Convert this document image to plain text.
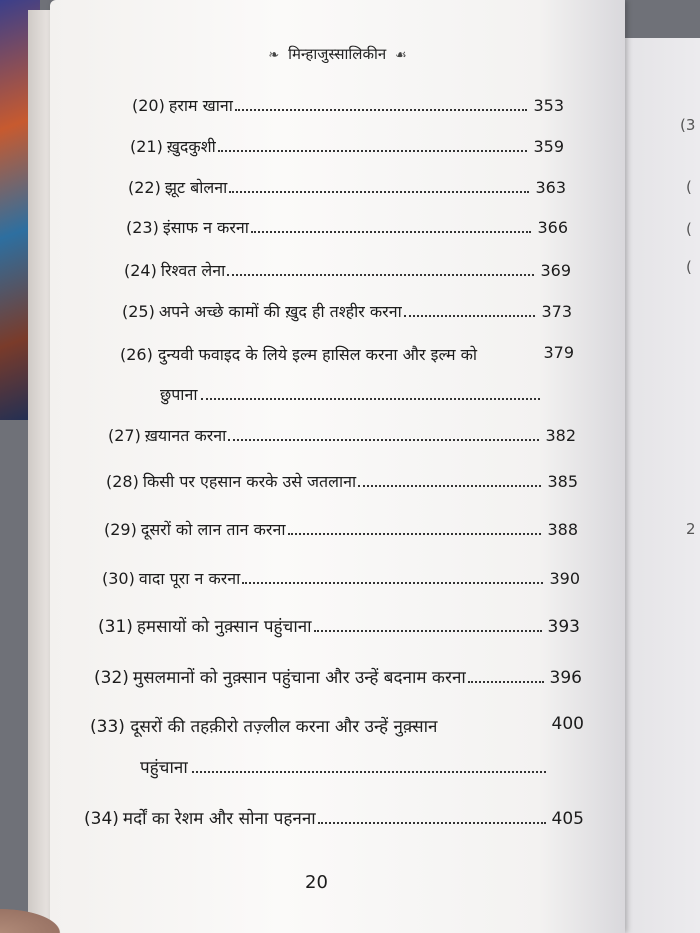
(3
(
(
(
2
❧ मिन्हाजुस्सालिकीन ☙
(20) हराम खाना	353
(21) ख़ुदकुशी	359
(22) झूट बोलना	363
(23) इंसाफ न करना	366
(24) रिश्वत लेना	369
(25) अपने अच्छे कामों की ख़ुद ही तश्हीर करना	373
(26) दुन्यवी फवाइद के लिये इल्म हासिल करना और इल्म को	379
छुपाना
(27) ख़यानत करना	382
(28) किसी पर एहसान करके उसे जतलाना	385
(29) दूसरों को लान तान करना	388
(30) वादा पूरा न करना	390
(31) हमसायों को नुक़्सान पहुंचाना	393
(32) मुसलमानों को नुक़्सान पहुंचाना और उन्हें बदनाम करना	396
(33) दूसरों की तहक़ीरो तज़्लील करना और उन्हें नुक़्सान	400
पहुंचाना
(34) मर्दों का रेशम और सोना पहनना	405
20
